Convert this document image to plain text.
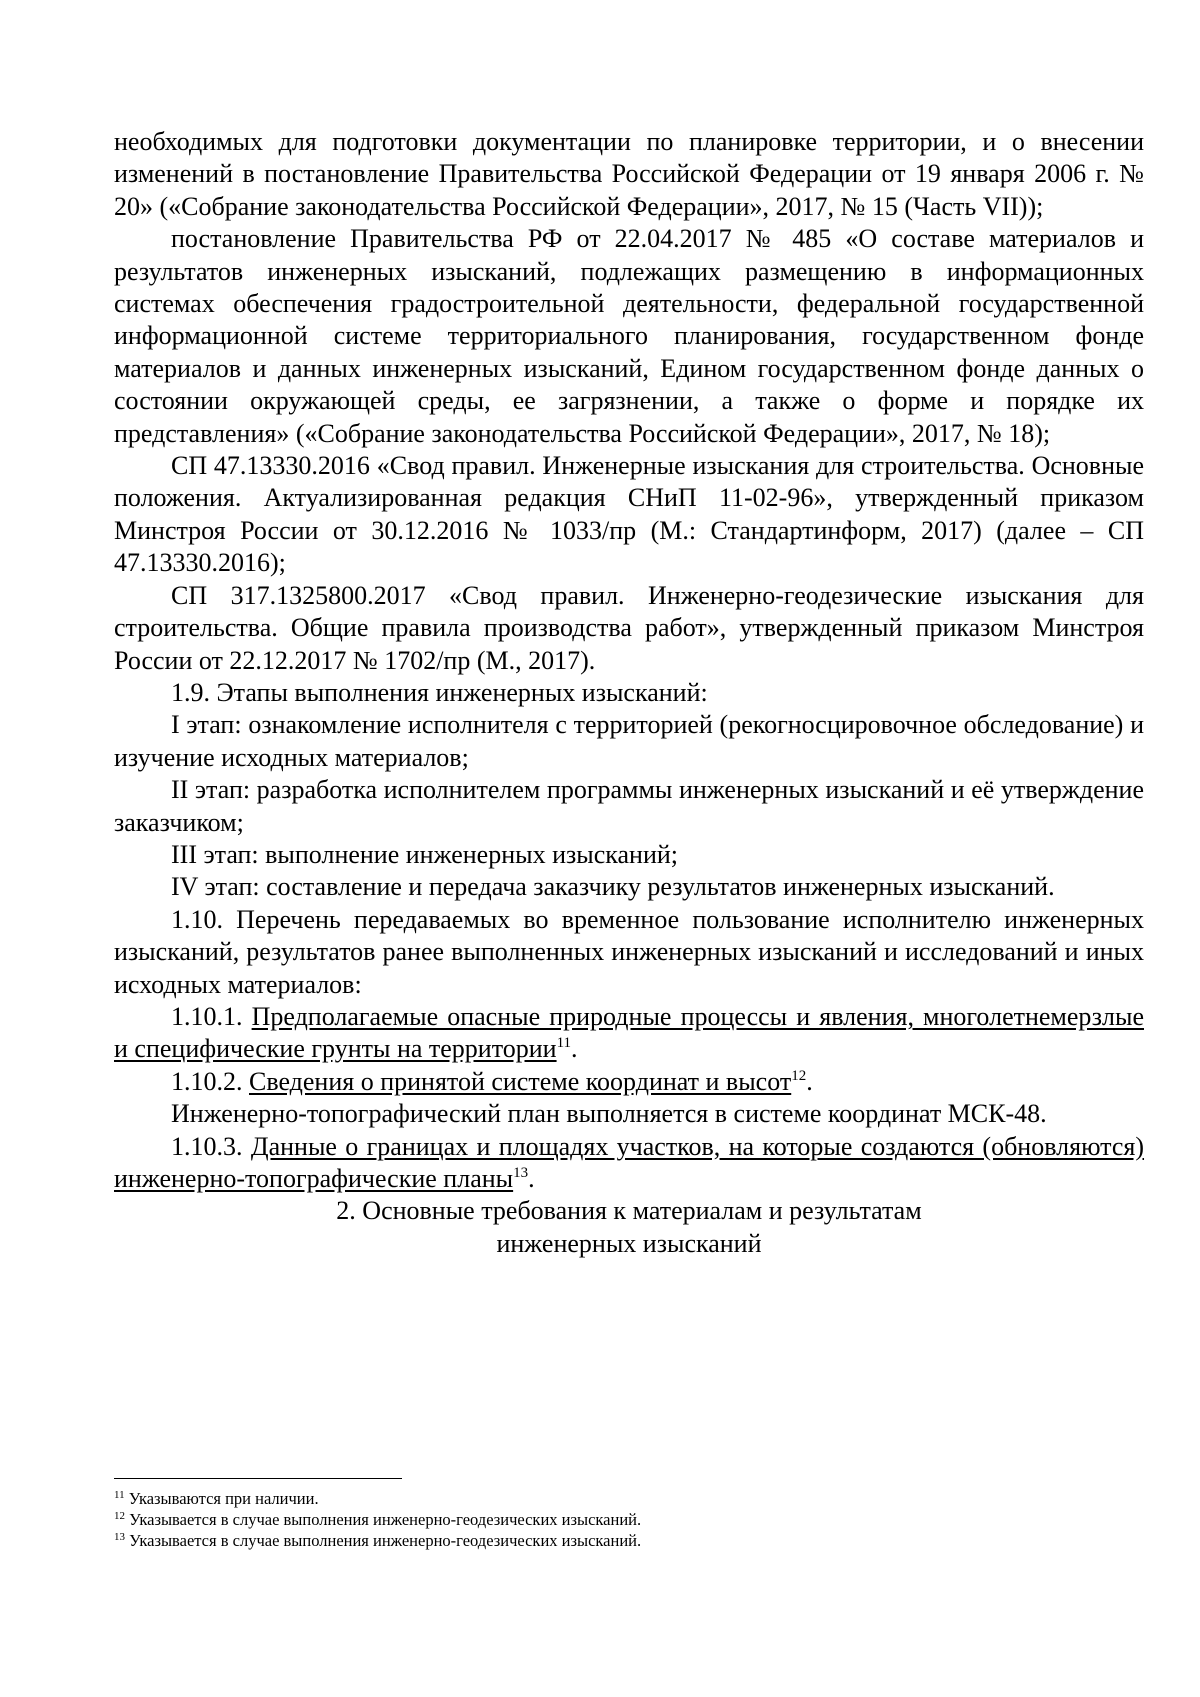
необходимых для подготовки документации по планировке территории, и о внесении изменений в постановление Правительства Российской Федерации от 19 января 2006 г. № 20» («Собрание законодательства Российской Федерации», 2017, № 15 (Часть VII));

постановление Правительства РФ от 22.04.2017 № 485 «О составе материалов и результатов инженерных изысканий, подлежащих размещению в информационных системах обеспечения градостроительной деятельности, федеральной государственной информационной системе территориального планирования, государственном фонде материалов и данных инженерных изысканий, Едином государственном фонде данных о состоянии окружающей среды, ее загрязнении, а также о форме и порядке их представления» («Собрание законодательства Российской Федерации», 2017, № 18);

СП 47.13330.2016 «Свод правил. Инженерные изыскания для строительства. Основные положения. Актуализированная редакция СНиП 11-02-96», утвержденный приказом Минстроя России от 30.12.2016 № 1033/пр (М.: Стандартинформ, 2017) (далее – СП 47.13330.2016);

СП 317.1325800.2017 «Свод правил. Инженерно-геодезические изыскания для строительства. Общие правила производства работ», утвержденный приказом Минстроя России от 22.12.2017 № 1702/пр (М., 2017).

1.9. Этапы выполнения инженерных изысканий:

I этап: ознакомление исполнителя с территорией (рекогносцировочное обследование) и изучение исходных материалов;

II этап: разработка исполнителем программы инженерных изысканий и её утверждение заказчиком;

III этап: выполнение инженерных изысканий;

IV этап: составление и передача заказчику результатов инженерных изысканий.

1.10. Перечень передаваемых во временное пользование исполнителю инженерных изысканий, результатов ранее выполненных инженерных изысканий и исследований и иных исходных материалов:

1.10.1. Предполагаемые опасные природные процессы и явления, многолетнемерзлые и специфические грунты на территории$^{11}$.

1.10.2. Сведения о принятой системе координат и высот$^{12}$.

Инженерно-топографический план выполняется в системе координат МСК-48.

1.10.3. Данные о границах и площадях участков, на которые создаются (обновляются) инженерно-топографические планы$^{13}$.

2. Основные требования к материалам и результатам
инженерных изысканий

$^{11}$ Указываются при наличии.

$^{12}$ Указывается в случае выполнения инженерно-геодезических изысканий.

$^{13}$ Указывается в случае выполнения инженерно-геодезических изысканий.
